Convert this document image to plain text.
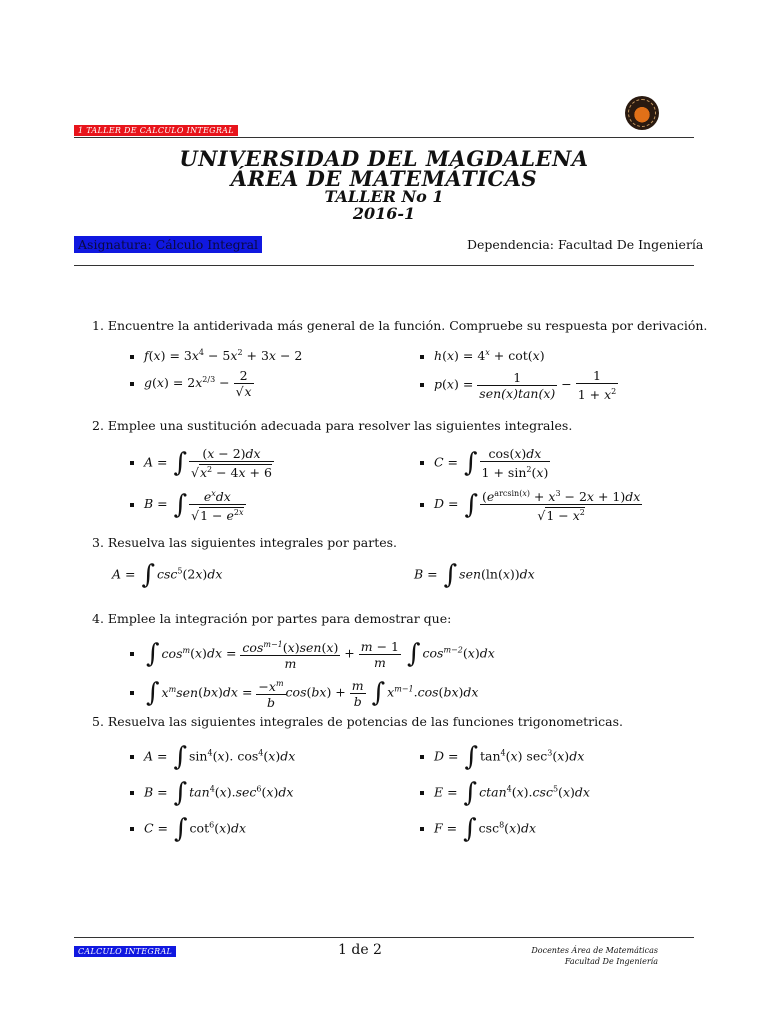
1 TALLER DE CALCULO INTEGRAL
UNIVERSIDAD DEL MAGDALENA
ÁREA DE MATEMÁTICAS
TALLER No 1
2016-1
Asignatura: Cálculo Integral	Dependencia: Facultad De Ingeniería
1. Encuentre la antiderivada más general de la función. Compruebe su respuesta por derivación.
$f(x) = 3x^4 - 5x^2 + 3x - 2$	$h(x) = 4^x + \cot(x)$
$g(x) = 2x^{2/3} - \frac{2}{√x}$	$p(x) = \frac{1}{\text{sen(x)tan(x)}} - \frac{1}{1 + x^2}$
2. Emplee una sustitución adecuada para resolver las siguientes integrales.
A = ∫ $\frac{(x - 2)dx}{√x^2 - 4x + 6}$	C = ∫ $\frac{\cos(x)dx}{1 + \sin^2(x)}$
B = ∫ $\frac{e^xdx}{√1 - e^{2x}}$	D = ∫ $\frac{(e^{arcsin(x)} + x^3 - 2x + 1)dx}{√1 - x^2}$
3. Resuelva las siguientes integrales por partes.
A = ∫ $\csc^5(2x)dx$	B = ∫ sen(ln(x))dx
4. Emplee la integración por partes para demostrar que:
∫ $\cos^m(x)dx = \frac{\cos^{m-1}(x)sen(x)}{m} + \frac{m - 1}{m}$ ∫ $\cos^{m-2}(x)dx$
∫ $x^msen(bx)dx = \frac{-x^m}{b} \cos(bx) + \frac{m}{b}$ ∫ $x^{m-1}.\cos(bx)dx$
5. Resuelva las siguientes integrales de potencias de las funciones trigonometricas.
A = ∫ $\sin^4(x)$. $\cos^4(x)dx$	D = ∫ $\tan^4(x)$ $\sec^3(x)dx$
B = ∫ $\tan^4(x).\sec^6(x)dx$	E = ∫ $ctan^4(x).\csc^5(x)dx$
C = ∫ $\cot^6(x)dx$	F = ∫ $\csc^8(x)dx$
CALCULO INTEGRAL	1 de 2	Docentes Área de Matemáticas
Facultad De Ingeniería
